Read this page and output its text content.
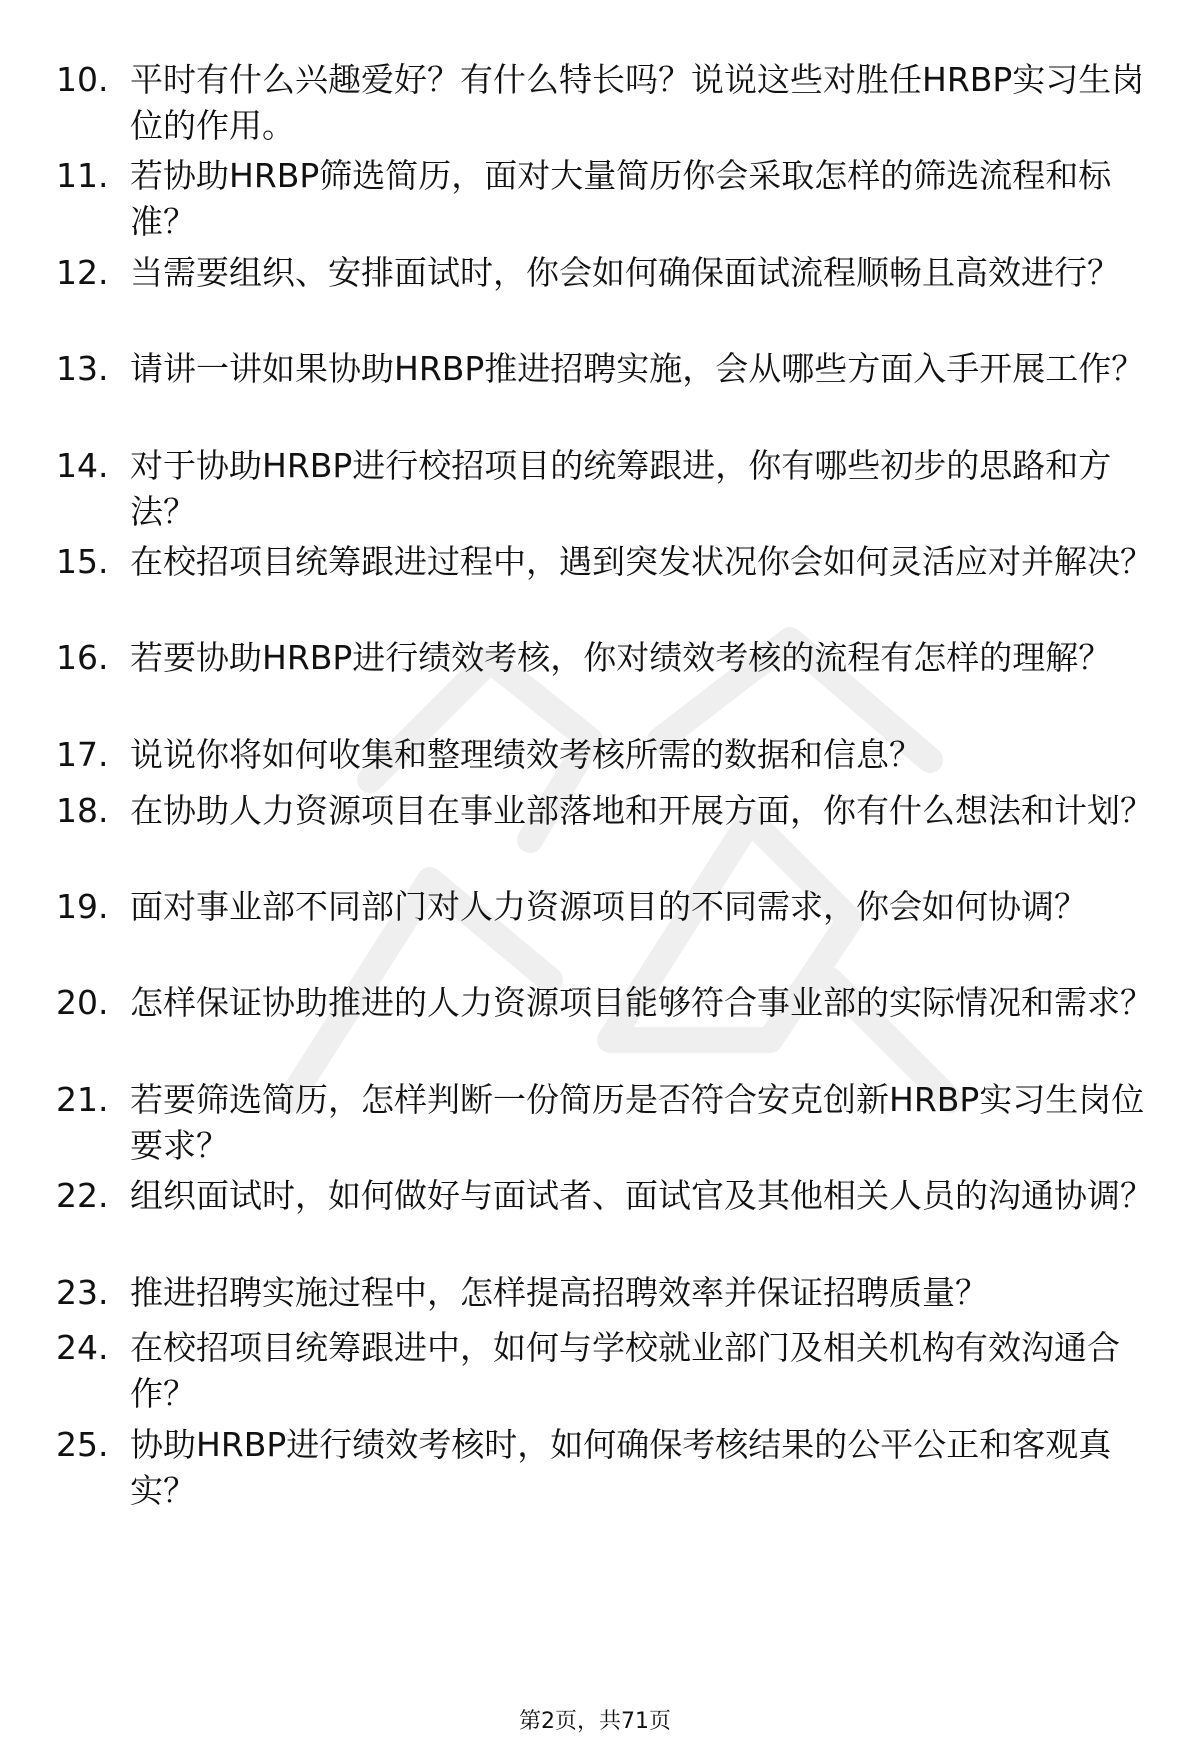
10. 平时有什么兴趣爱好？有什么特长吗？说说这些对胜任HRBP实习生岗位的作用。
11. 若协助HRBP筛选简历，面对大量简历你会采取怎样的筛选流程和标准？
12. 当需要组织、安排面试时，你会如何确保面试流程顺畅且高效进行？
13. 请讲一讲如果协助HRBP推进招聘实施，会从哪些方面入手开展工作？
14. 对于协助HRBP进行校招项目的统筹跟进，你有哪些初步的思路和方法？
15. 在校招项目统筹跟进过程中，遇到突发状况你会如何灵活应对并解决？
16. 若要协助HRBP进行绩效考核，你对绩效考核的流程有怎样的理解？
17. 说说你将如何收集和整理绩效考核所需的数据和信息？
18. 在协助人力资源项目在事业部落地和开展方面，你有什么想法和计划？
19. 面对事业部不同部门对人力资源项目的不同需求，你会如何协调？
20. 怎样保证协助推进的人力资源项目能够符合事业部的实际情况和需求？
21. 若要筛选简历，怎样判断一份简历是否符合安克创新HRBP实习生岗位要求？
22. 组织面试时，如何做好与面试者、面试官及其他相关人员的沟通协调？
23. 推进招聘实施过程中，怎样提高招聘效率并保证招聘质量？
24. 在校招项目统筹跟进中，如何与学校就业部门及相关机构有效沟通合作？
25. 协助HRBP进行绩效考核时，如何确保考核结果的公平公正和客观真实？
第2页，共71页
